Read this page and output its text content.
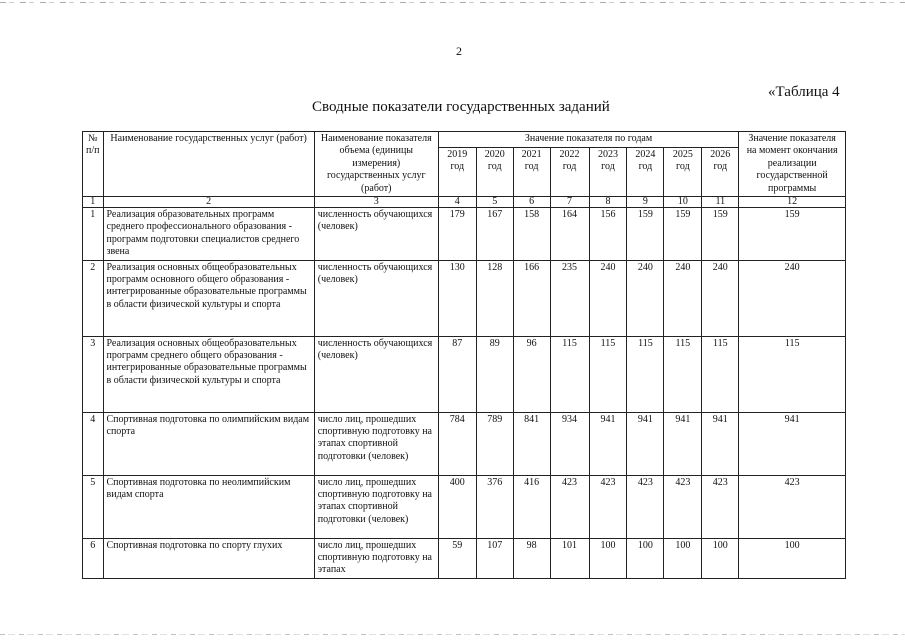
2
«Таблица 4
Сводные показатели государственных заданий
№ п/п	Наименование государственных услуг (работ)	Наименование показателя объема (единицы измерения) государственных услуг (работ)	Значение показателя по годам								Значение показателя на момент окончания реализации государственной программы
			2019 год	2020 год	2021 год	2022 год	2023 год	2024 год	2025 год	2026 год	
1	2	3	4	5	6	7	8	9	10	11	12
1	Реализация образовательных программ среднего профессионального образования - программ подготовки специалистов среднего звена	численность обучающихся (человек)	179	167	158	164	156	159	159	159	159
2	Реализация основных общеобразовательных программ основного общего образования - интегрированные образовательные программы в области физической культуры и спорта	численность обучающихся (человек)	130	128	166	235	240	240	240	240	240
3	Реализация основных общеобразовательных программ среднего общего образования - интегрированные образовательные программы в области физической культуры и спорта	численность обучающихся (человек)	87	89	96	115	115	115	115	115	115
4	Спортивная подготовка по олимпийским видам спорта	число лиц, прошедших спортивную подготовку на этапах спортивной подготовки (человек)	784	789	841	934	941	941	941	941	941
5	Спортивная подготовка по неолимпийским видам спорта	число лиц, прошедших спортивную подготовку на этапах спортивной подготовки (человек)	400	376	416	423	423	423	423	423	423
6	Спортивная подготовка по спорту глухих	число лиц, прошедших спортивную подготовку на этапах	59	107	98	101	100	100	100	100	100
